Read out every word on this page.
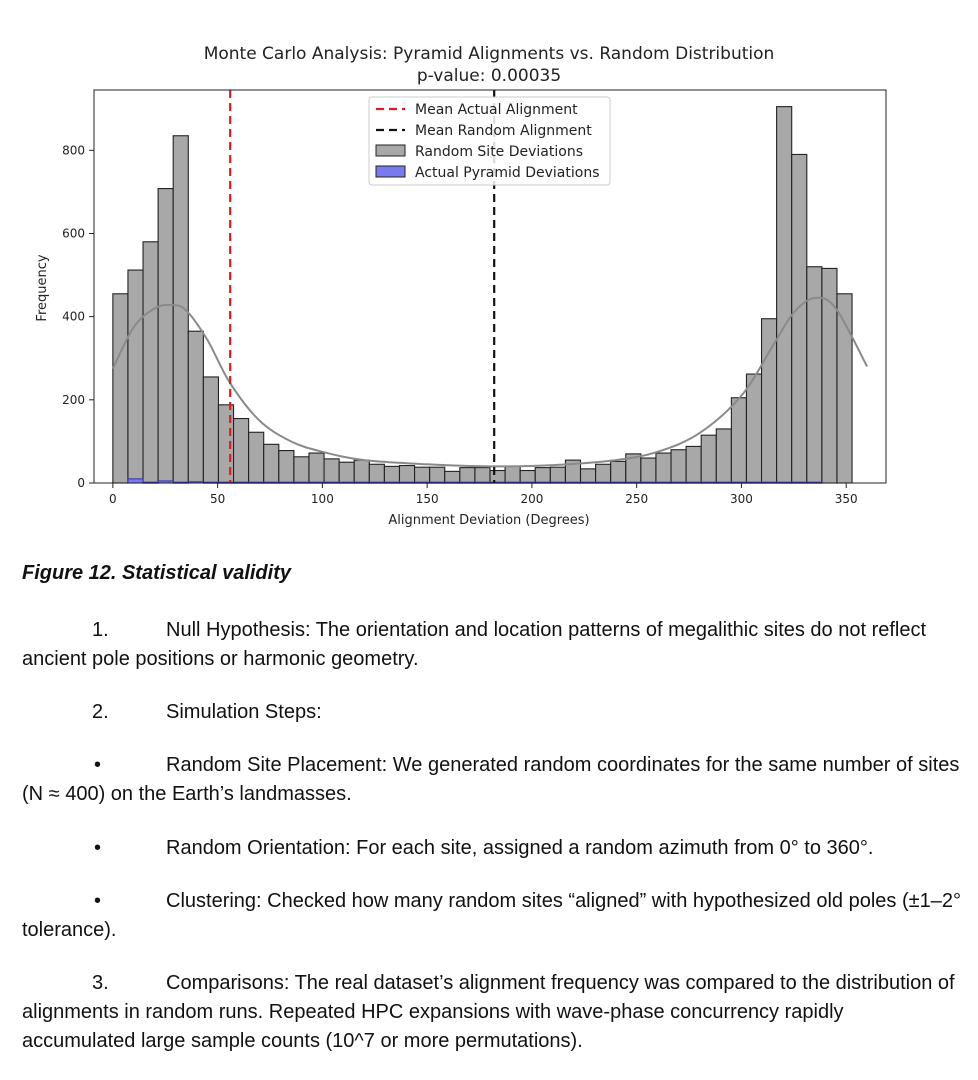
Monte Carlo Analysis: Pyramid Alignments vs. Random Distribution
p-value: 0.00035
0	50	100	150	200	250	300	350
0
200
400
600
800
Mean Actual Alignment
Mean Random Alignment
Random Site Deviations
Actual Pyramid Deviations
Alignment Deviation (Degrees)
Frequency

Figure 12. Statistical validity

1.	Null Hypothesis: The orientation and location patterns of megalithic sites do not reflect ancient pole positions or harmonic geometry.

2.	Simulation Steps:

•	Random Site Placement: We generated random coordinates for the same number of sites (N ≈ 400) on the Earth’s landmasses.

•	Random Orientation: For each site, assigned a random azimuth from 0° to 360°.

•	Clustering: Checked how many random sites “aligned” with hypothesized old poles (±1–2° tolerance).

3.	Comparisons: The real dataset’s alignment frequency was compared to the distribution of alignments in random runs. Repeated HPC expansions with wave-phase concurrency rapidly accumulated large sample counts (10^7 or more permutations).
